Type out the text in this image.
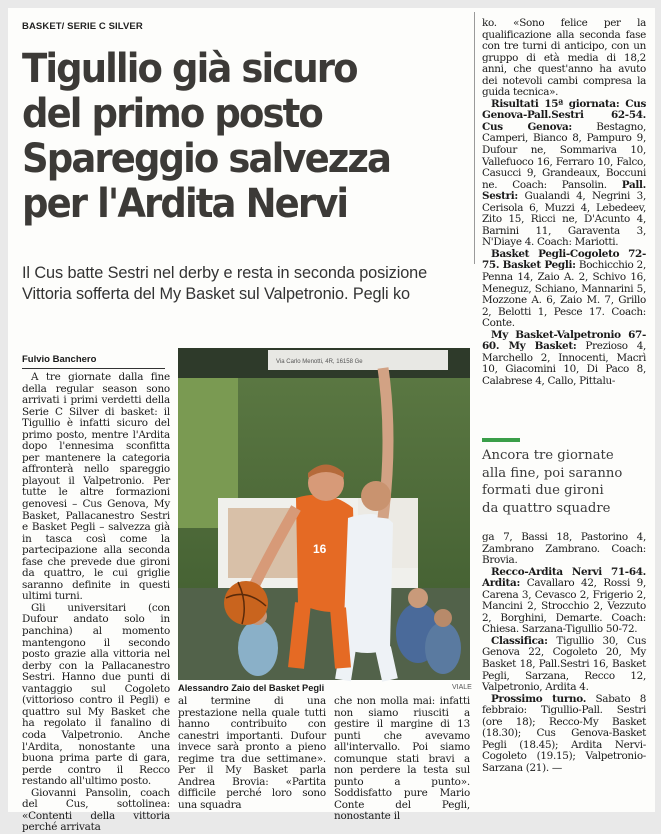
BASKET/ SERIE C SILVER
Tigullio già sicuro
del primo posto
Spareggio salvezza
per l'Ardita Nervi
Il Cus batte Sestri nel derby e resta in seconda posizione
Vittoria sofferta del My Basket sul Valpetronio. Pegli ko
Fulvio Banchero

A tre giornate dalla fine della regular season sono arrivati i primi verdetti della Serie C Silver di basket: il Tigullio è infatti sicuro del primo posto, mentre l'Ardita dopo l'ennesima sconfitta per mantenere la categoria affronterà nello spareggio playout il Valpetronio. Per tutte le altre formazioni genovesi – Cus Genova, My Basket, Pallacanestro Sestri e Basket Pegli – salvezza già in tasca così come la partecipazione alla seconda fase che prevede due gironi da quattro, le cui griglie saranno definite in questi ultimi turni.

Gli universitari (con Dufour andato solo in panchina) al momento mantengono il secondo posto grazie alla vittoria nel derby con la Pallacanestro Sestri. Hanno due punti di vantaggio sul Cogoleto (vittorioso contro il Pegli) e quattro sul My Basket che ha regolato il fanalino di coda Valpetronio. Anche l'Ardita, nonostante una buona prima parte di gara, perde contro il Recco restando all'ultimo posto.

Giovanni Pansolin, coach del Cus, sottolinea: «Contenti della vittoria perché arrivata

Via Carlo Menotti, 4R, 16158 Ge
16
Alessandro Zaio del Basket Pegli	VIALE

al termine di una prestazione nella quale tutti hanno contribuito con canestri importanti. Dufour invece sarà pronto a pieno regime tra due settimane». Per il My Basket parla Andrea Brovia: «Partita difficile perché loro sono una squadra

che non molla mai: infatti non siamo riusciti a gestire il margine di 13 punti che avevamo all'intervallo. Poi siamo comunque stati bravi a non perdere la testa sul punto a punto». Soddisfatto pure Mario Conte del Pegli, nonostante il

ko. «Sono felice per la qualificazione alla seconda fase con tre turni di anticipo, con un gruppo di età media di 18,2 anni, che quest'anno ha avuto dei notevoli cambi compresa la guida tecnica».

Risultati 15ª giornata: Cus Genova-Pall.Sestri 62-54. Cus Genova: Bestagno, Camperi, Bianco 8, Pampuro 9, Dufour ne, Sommariva 10, Vallefuoco 16, Ferraro 10, Falco, Casucci 9, Grandeaux, Boccuni ne. Coach: Pansolin. Pall. Sestri: Gualandi 4, Negrini 3, Cerisola 6, Muzzi 4, Lebedeev, Zito 15, Ricci ne, D'Acunto 4, Barnini 11, Garaventa 3, N'Diaye 4. Coach: Mariotti.

Basket Pegli-Cogoleto 72-75. Basket Pegli: Bochicchio 2, Penna 14, Zaio A. 2, Schivo 16, Meneguz, Schiano, Mannarini 5, Mozzone A. 6, Zaio M. 7, Grillo 2, Belotti 1, Pesce 17. Coach: Conte.

My Basket-Valpetronio 67-60. My Basket: Prezioso 4, Marchello 2, Innocenti, Macrì 10, Giacomini 10, Di Paco 8, Calabrese 4, Callo, Pittalu-

Ancora tre giornate
alla fine, poi saranno
formati due gironi
da quattro squadre

ga 7, Bassi 18, Pastorino 4, Zambrano Zambrano. Coach: Brovia.

Recco-Ardita Nervi 71-64. Ardita: Cavallaro 42, Rossi 9, Carena 3, Cevasco 2, Frigerio 2, Mancini 2, Strocchio 2, Vezzuto 2, Borghini, Demarte. Coach: Chiesa. Sarzana-Tigullio 50-72.

Classifica: Tigullio 30, Cus Genova 22, Cogoleto 20, My Basket 18, Pall.Sestri 16, Basket Pegli, Sarzana, Recco 12, Valpetronio, Ardita 4.

Prossimo turno. Sabato 8 febbraio: Tigullio-Pall. Sestri (ore 18); Recco-My Basket (18.30); Cus Genova-Basket Pegli (18.45); Ardita Nervi-Cogoleto (19.15); Valpetronio-Sarzana (21). —
